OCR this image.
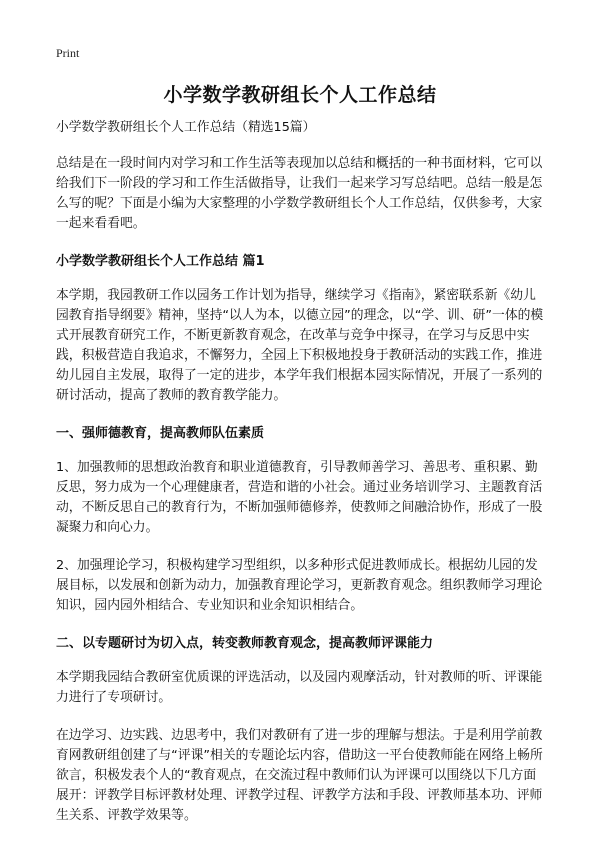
Print
小学数学教研组长个人工作总结

小学数学教研组长个人工作总结（精选15篇）

总结是在一段时间内对学习和工作生活等表现加以总结和概括的一种书面材料，它可以给我们下一阶段的学习和工作生活做指导，让我们一起来学习写总结吧。总结一般是怎么写的呢？下面是小编为大家整理的小学数学教研组长个人工作总结，仅供参考，大家一起来看看吧。

小学数学教研组长个人工作总结 篇1

本学期，我园教研工作以园务工作计划为指导，继续学习《指南》，紧密联系新《幼儿园教育指导纲要》精神，坚持“以人为本，以德立园”的理念，以“学、训、研”一体的模式开展教育研究工作，不断更新教育观念，在改革与竞争中探寻，在学习与反思中实践，积极营造自我追求，不懈努力，全园上下积极地投身于教研活动的实践工作，推进幼儿园自主发展，取得了一定的进步，本学年我们根据本园实际情况，开展了一系列的研讨活动，提高了教师的教育教学能力。

一、强师德教育，提高教师队伍素质

1、加强教师的思想政治教育和职业道德教育，引导教师善学习、善思考、重积累、勤反思，努力成为一个心理健康者，营造和谐的小社会。通过业务培训学习、主题教育活动，不断反思自己的教育行为，不断加强师德修养，使教师之间融洽协作，形成了一股凝聚力和向心力。

2、加强理论学习，积极构建学习型组织，以多种形式促进教师成长。根据幼儿园的发展目标，以发展和创新为动力，加强教育理论学习，更新教育观念。组织教师学习理论知识，园内园外相结合、专业知识和业余知识相结合。

二、以专题研讨为切入点，转变教师教育观念，提高教师评课能力

本学期我园结合教研室优质课的评选活动，以及园内观摩活动，针对教师的听、评课能力进行了专项研讨。

在边学习、边实践、边思考中，我们对教研有了进一步的理解与想法。于是利用学前教育网教研组创建了与“评课”相关的专题论坛内容，借助这一平台使教师能在网络上畅所欲言，积极发表个人的“教育观点，在交流过程中教师们认为评课可以围绕以下几方面展开：评教学目标评教材处理、评教学过程、评教学方法和手段、评教师基本功、评师生关系、评教学效果等。
